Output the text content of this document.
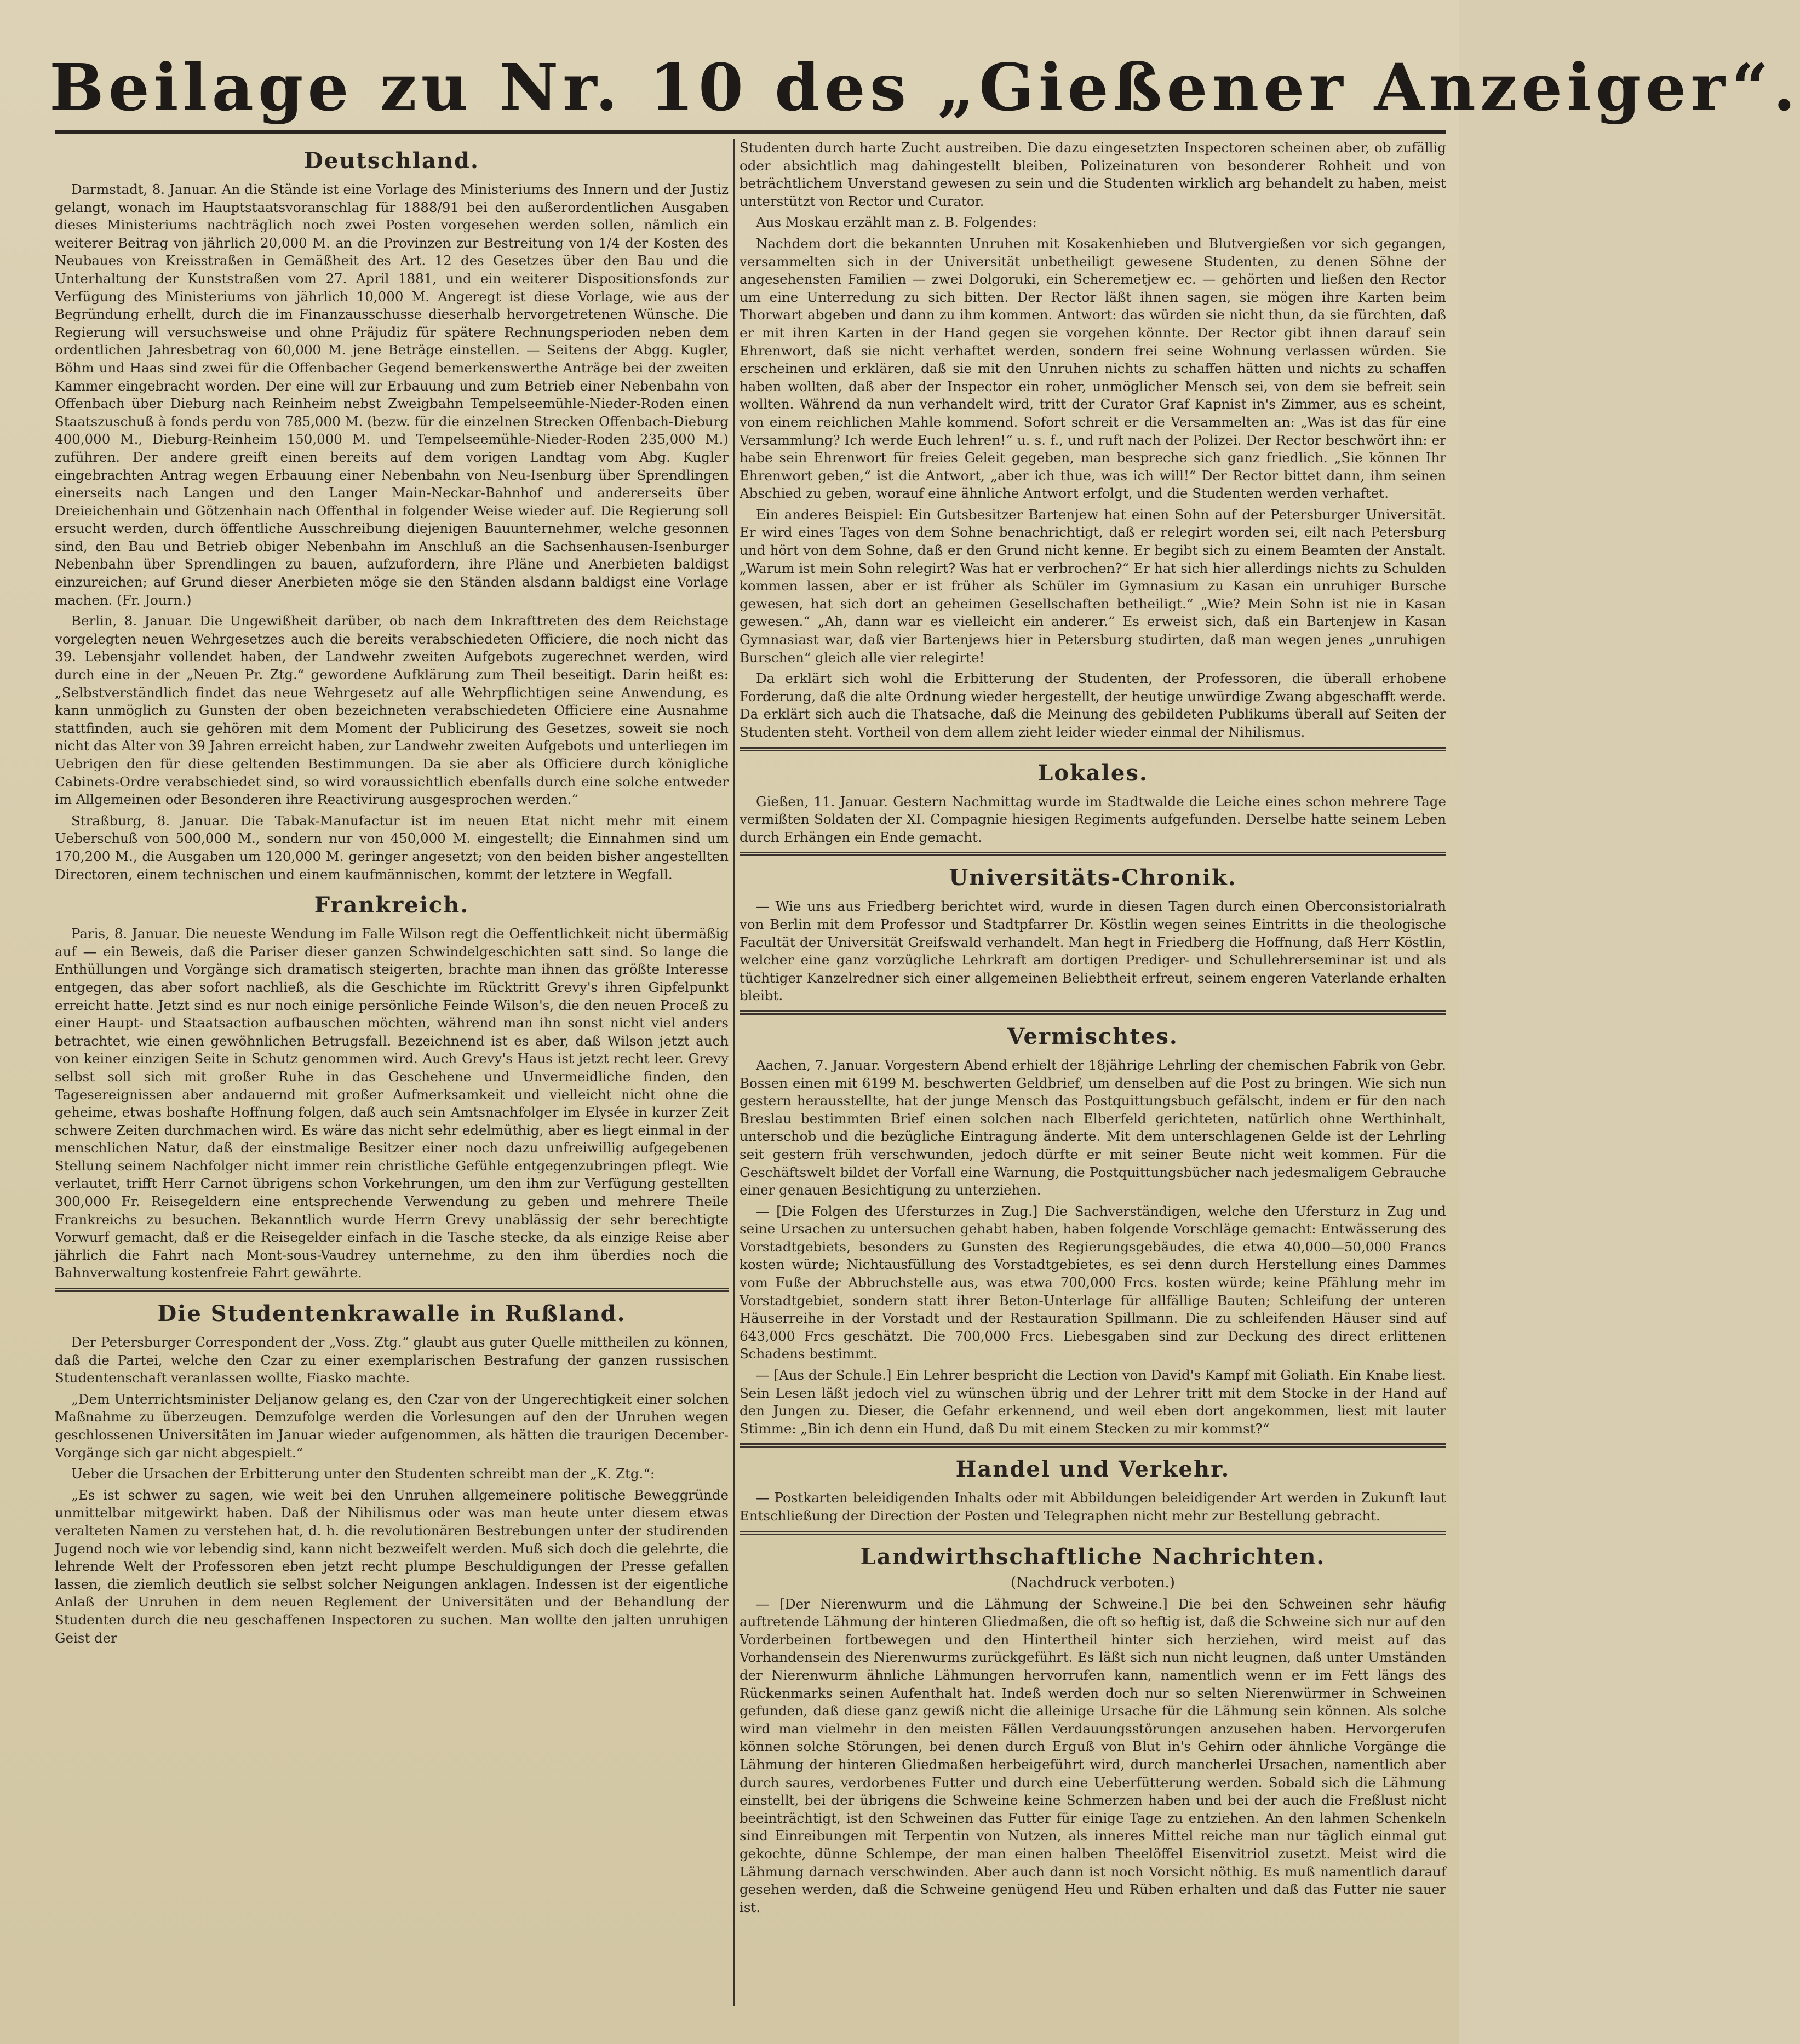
Beilage zu Nr. 10 des „Gießener Anzeiger“.
Deutschland.

Darmstadt, 8. Januar. An die Stände ist eine Vorlage des Ministeriums des Innern und der Justiz gelangt, wonach im Hauptstaatsvoranschlag für 1888/91 bei den außerordentlichen Ausgaben dieses Ministeriums nachträglich noch zwei Posten vorgesehen werden sollen, nämlich ein weiterer Beitrag von jährlich 20,000 M. an die Provinzen zur Bestreitung von 1/4 der Kosten des Neubaues von Kreisstraßen in Gemäßheit des Art. 12 des Gesetzes über den Bau und die Unterhaltung der Kunststraßen vom 27. April 1881, und ein weiterer Dispositionsfonds zur Verfügung des Ministeriums von jährlich 10,000 M. Angeregt ist diese Vorlage, wie aus der Begründung erhellt, durch die im Finanzausschusse dieserhalb hervorgetretenen Wünsche. Die Regierung will versuchsweise und ohne Präjudiz für spätere Rechnungsperioden neben dem ordentlichen Jahresbetrag von 60,000 M. jene Beträge einstellen. — Seitens der Abgg. Kugler, Böhm und Haas sind zwei für die Offenbacher Gegend bemerkenswerthe Anträge bei der zweiten Kammer eingebracht worden. Der eine will zur Erbauung und zum Betrieb einer Nebenbahn von Offenbach über Dieburg nach Reinheim nebst Zweigbahn Tempelseemühle-Nieder-Roden einen Staatszuschuß à fonds perdu von 785,000 M. (bezw. für die einzelnen Strecken Offenbach-Dieburg 400,000 M., Dieburg-Reinheim 150,000 M. und Tempelseemühle-Nieder-Roden 235,000 M.) zuführen. Der andere greift einen bereits auf dem vorigen Landtag vom Abg. Kugler eingebrachten Antrag wegen Erbauung einer Nebenbahn von Neu-Isenburg über Sprendlingen einerseits nach Langen und den Langer Main-Neckar-Bahnhof und andererseits über Dreieichenhain und Götzenhain nach Offenthal in folgender Weise wieder auf. Die Regierung soll ersucht werden, durch öffentliche Ausschreibung diejenigen Bauunternehmer, welche gesonnen sind, den Bau und Betrieb obiger Nebenbahn im Anschluß an die Sachsenhausen-Isenburger Nebenbahn über Sprendlingen zu bauen, aufzufordern, ihre Pläne und Anerbieten baldigst einzureichen; auf Grund dieser Anerbieten möge sie den Ständen alsdann baldigst eine Vorlage machen. (Fr. Journ.)

Berlin, 8. Januar. Die Ungewißheit darüber, ob nach dem Inkrafttreten des dem Reichstage vorgelegten neuen Wehrgesetzes auch die bereits verabschiedeten Officiere, die noch nicht das 39. Lebensjahr vollendet haben, der Landwehr zweiten Aufgebots zugerechnet werden, wird durch eine in der „Neuen Pr. Ztg.“ gewordene Aufklärung zum Theil beseitigt. Darin heißt es: „Selbstverständlich findet das neue Wehrgesetz auf alle Wehrpflichtigen seine Anwendung, es kann unmöglich zu Gunsten der oben bezeichneten verabschiedeten Officiere eine Ausnahme stattfinden, auch sie gehören mit dem Moment der Publicirung des Gesetzes, soweit sie noch nicht das Alter von 39 Jahren erreicht haben, zur Landwehr zweiten Aufgebots und unterliegen im Uebrigen den für diese geltenden Bestimmungen. Da sie aber als Officiere durch königliche Cabinets-Ordre verabschiedet sind, so wird voraussichtlich ebenfalls durch eine solche entweder im Allgemeinen oder Besonderen ihre Reactivirung ausgesprochen werden.“

Straßburg, 8. Januar. Die Tabak-Manufactur ist im neuen Etat nicht mehr mit einem Ueberschuß von 500,000 M., sondern nur von 450,000 M. eingestellt; die Einnahmen sind um 170,200 M., die Ausgaben um 120,000 M. geringer angesetzt; von den beiden bisher angestellten Directoren, einem technischen und einem kaufmännischen, kommt der letztere in Wegfall.

Frankreich.

Paris, 8. Januar. Die neueste Wendung im Falle Wilson regt die Oeffentlichkeit nicht übermäßig auf — ein Beweis, daß die Pariser dieser ganzen Schwindelgeschichten satt sind. So lange die Enthüllungen und Vorgänge sich dramatisch steigerten, brachte man ihnen das größte Interesse entgegen, das aber sofort nachließ, als die Geschichte im Rücktritt Grevy's ihren Gipfelpunkt erreicht hatte. Jetzt sind es nur noch einige persönliche Feinde Wilson's, die den neuen Proceß zu einer Haupt- und Staatsaction aufbauschen möchten, während man ihn sonst nicht viel anders betrachtet, wie einen gewöhnlichen Betrugsfall. Bezeichnend ist es aber, daß Wilson jetzt auch von keiner einzigen Seite in Schutz genommen wird. Auch Grevy's Haus ist jetzt recht leer. Grevy selbst soll sich mit großer Ruhe in das Geschehene und Unvermeidliche finden, den Tagesereignissen aber andauernd mit großer Aufmerksamkeit und vielleicht nicht ohne die geheime, etwas boshafte Hoffnung folgen, daß auch sein Amtsnachfolger im Elysée in kurzer Zeit schwere Zeiten durchmachen wird. Es wäre das nicht sehr edelmüthig, aber es liegt einmal in der menschlichen Natur, daß der einstmalige Besitzer einer noch dazu unfreiwillig aufgegebenen Stellung seinem Nachfolger nicht immer rein christliche Gefühle entgegenzubringen pflegt. Wie verlautet, trifft Herr Carnot übrigens schon Vorkehrungen, um den ihm zur Verfügung gestellten 300,000 Fr. Reisegeldern eine entsprechende Verwendung zu geben und mehrere Theile Frankreichs zu besuchen. Bekanntlich wurde Herrn Grevy unablässig der sehr berechtigte Vorwurf gemacht, daß er die Reisegelder einfach in die Tasche stecke, da als einzige Reise aber jährlich die Fahrt nach Mont-sous-Vaudrey unternehme, zu den ihm überdies noch die Bahnverwaltung kostenfreie Fahrt gewährte.

Die Studentenkrawalle in Rußland.

Der Petersburger Correspondent der „Voss. Ztg.“ glaubt aus guter Quelle mittheilen zu können, daß die Partei, welche den Czar zu einer exemplarischen Bestrafung der ganzen russischen Studentenschaft veranlassen wollte, Fiasko machte.

„Dem Unterrichtsminister Deljanow gelang es, den Czar von der Ungerechtigkeit einer solchen Maßnahme zu überzeugen. Demzufolge werden die Vorlesungen auf den der Unruhen wegen geschlossenen Universitäten im Januar wieder aufgenommen, als hätten die traurigen December-Vorgänge sich gar nicht abgespielt.“

Ueber die Ursachen der Erbitterung unter den Studenten schreibt man der „K. Ztg.“:

„Es ist schwer zu sagen, wie weit bei den Unruhen allgemeinere politische Beweggründe unmittelbar mitgewirkt haben. Daß der Nihilismus oder was man heute unter diesem etwas veralteten Namen zu verstehen hat, d. h. die revolutionären Bestrebungen unter der studirenden Jugend noch wie vor lebendig sind, kann nicht bezweifelt werden. Muß sich doch die gelehrte, die lehrende Welt der Professoren eben jetzt recht plumpe Beschuldigungen der Presse gefallen lassen, die ziemlich deutlich sie selbst solcher Neigungen anklagen. Indessen ist der eigentliche Anlaß der Unruhen in dem neuen Reglement der Universitäten und der Behandlung der Studenten durch die neu geschaffenen Inspectoren zu suchen. Man wollte den jalten unruhigen Geist der

Studenten durch harte Zucht austreiben. Die dazu eingesetzten Inspectoren scheinen aber, ob zufällig oder absichtlich mag dahingestellt bleiben, Polizeinaturen von besonderer Rohheit und von beträchtlichem Unverstand gewesen zu sein und die Studenten wirklich arg behandelt zu haben, meist unterstützt von Rector und Curator.

Aus Moskau erzählt man z. B. Folgendes:

Nachdem dort die bekannten Unruhen mit Kosakenhieben und Blutvergießen vor sich gegangen, versammelten sich in der Universität unbetheiligt gewesene Studenten, zu denen Söhne der angesehensten Familien — zwei Dolgoruki, ein Scheremetjew ec. — gehörten und ließen den Rector um eine Unterredung zu sich bitten. Der Rector läßt ihnen sagen, sie mögen ihre Karten beim Thorwart abgeben und dann zu ihm kommen. Antwort: das würden sie nicht thun, da sie fürchten, daß er mit ihren Karten in der Hand gegen sie vorgehen könnte. Der Rector gibt ihnen darauf sein Ehrenwort, daß sie nicht verhaftet werden, sondern frei seine Wohnung verlassen würden. Sie erscheinen und erklären, daß sie mit den Unruhen nichts zu schaffen hätten und nichts zu schaffen haben wollten, daß aber der Inspector ein roher, unmöglicher Mensch sei, von dem sie befreit sein wollten. Während da nun verhandelt wird, tritt der Curator Graf Kapnist in's Zimmer, aus es scheint, von einem reichlichen Mahle kommend. Sofort schreit er die Versammelten an: „Was ist das für eine Versammlung? Ich werde Euch lehren!“ u. s. f., und ruft nach der Polizei. Der Rector beschwört ihn: er habe sein Ehrenwort für freies Geleit gegeben, man bespreche sich ganz friedlich. „Sie können Ihr Ehrenwort geben,“ ist die Antwort, „aber ich thue, was ich will!“ Der Rector bittet dann, ihm seinen Abschied zu geben, worauf eine ähnliche Antwort erfolgt, und die Studenten werden verhaftet.

Ein anderes Beispiel: Ein Gutsbesitzer Bartenjew hat einen Sohn auf der Petersburger Universität. Er wird eines Tages von dem Sohne benachrichtigt, daß er relegirt worden sei, eilt nach Petersburg und hört von dem Sohne, daß er den Grund nicht kenne. Er begibt sich zu einem Beamten der Anstalt. „Warum ist mein Sohn relegirt? Was hat er verbrochen?“ Er hat sich hier allerdings nichts zu Schulden kommen lassen, aber er ist früher als Schüler im Gymnasium zu Kasan ein unruhiger Bursche gewesen, hat sich dort an geheimen Gesellschaften betheiligt.“ „Wie? Mein Sohn ist nie in Kasan gewesen.“ „Ah, dann war es vielleicht ein anderer.“ Es erweist sich, daß ein Bartenjew in Kasan Gymnasiast war, daß vier Bartenjews hier in Petersburg studirten, daß man wegen jenes „unruhigen Burschen“ gleich alle vier relegirte!

Da erklärt sich wohl die Erbitterung der Studenten, der Professoren, die überall erhobene Forderung, daß die alte Ordnung wieder hergestellt, der heutige unwürdige Zwang abgeschafft werde. Da erklärt sich auch die Thatsache, daß die Meinung des gebildeten Publikums überall auf Seiten der Studenten steht. Vortheil von dem allem zieht leider wieder einmal der Nihilismus.

Lokales.

Gießen, 11. Januar. Gestern Nachmittag wurde im Stadtwalde die Leiche eines schon mehrere Tage vermißten Soldaten der XI. Compagnie hiesigen Regiments aufgefunden. Derselbe hatte seinem Leben durch Erhängen ein Ende gemacht.

Universitäts-Chronik.

— Wie uns aus Friedberg berichtet wird, wurde in diesen Tagen durch einen Oberconsistorialrath von Berlin mit dem Professor und Stadtpfarrer Dr. Köstlin wegen seines Eintritts in die theologische Facultät der Universität Greifswald verhandelt. Man hegt in Friedberg die Hoffnung, daß Herr Köstlin, welcher eine ganz vorzügliche Lehrkraft am dortigen Prediger- und Schullehrerseminar ist und als tüchtiger Kanzelredner sich einer allgemeinen Beliebtheit erfreut, seinem engeren Vaterlande erhalten bleibt.

Vermischtes.

Aachen, 7. Januar. Vorgestern Abend erhielt der 18jährige Lehrling der chemischen Fabrik von Gebr. Bossen einen mit 6199 M. beschwerten Geldbrief, um denselben auf die Post zu bringen. Wie sich nun gestern herausstellte, hat der junge Mensch das Postquittungsbuch gefälscht, indem er für den nach Breslau bestimmten Brief einen solchen nach Elberfeld gerichteten, natürlich ohne Werthinhalt, unterschob und die bezügliche Eintragung änderte. Mit dem unterschlagenen Gelde ist der Lehrling seit gestern früh verschwunden, jedoch dürfte er mit seiner Beute nicht weit kommen. Für die Geschäftswelt bildet der Vorfall eine Warnung, die Postquittungsbücher nach jedesmaligem Gebrauche einer genauen Besichtigung zu unterziehen.

— [Die Folgen des Ufersturzes in Zug.] Die Sachverständigen, welche den Ufersturz in Zug und seine Ursachen zu untersuchen gehabt haben, haben folgende Vorschläge gemacht: Entwässerung des Vorstadtgebiets, besonders zu Gunsten des Regierungsgebäudes, die etwa 40,000—50,000 Francs kosten würde; Nichtausfüllung des Vorstadtgebietes, es sei denn durch Herstellung eines Dammes vom Fuße der Abbruchstelle aus, was etwa 700,000 Frcs. kosten würde; keine Pfählung mehr im Vorstadtgebiet, sondern statt ihrer Beton-Unterlage für allfällige Bauten; Schleifung der unteren Häuserreihe in der Vorstadt und der Restauration Spillmann. Die zu schleifenden Häuser sind auf 643,000 Frcs geschätzt. Die 700,000 Frcs. Liebesgaben sind zur Deckung des direct erlittenen Schadens bestimmt.

— [Aus der Schule.] Ein Lehrer bespricht die Lection von David's Kampf mit Goliath. Ein Knabe liest. Sein Lesen läßt jedoch viel zu wünschen übrig und der Lehrer tritt mit dem Stocke in der Hand auf den Jungen zu. Dieser, die Gefahr erkennend, und weil eben dort angekommen, liest mit lauter Stimme: „Bin ich denn ein Hund, daß Du mit einem Stecken zu mir kommst?“

Handel und Verkehr.

— Postkarten beleidigenden Inhalts oder mit Abbildungen beleidigender Art werden in Zukunft laut Entschließung der Direction der Posten und Telegraphen nicht mehr zur Bestellung gebracht.

Landwirthschaftliche Nachrichten.
(Nachdruck verboten.)

— [Der Nierenwurm und die Lähmung der Schweine.] Die bei den Schweinen sehr häufig auftretende Lähmung der hinteren Gliedmaßen, die oft so heftig ist, daß die Schweine sich nur auf den Vorderbeinen fortbewegen und den Hintertheil hinter sich herziehen, wird meist auf das Vorhandensein des Nierenwurms zurückgeführt. Es läßt sich nun nicht leugnen, daß unter Umständen der Nierenwurm ähnliche Lähmungen hervorrufen kann, namentlich wenn er im Fett längs des Rückenmarks seinen Aufenthalt hat. Indeß werden doch nur so selten Nierenwürmer in Schweinen gefunden, daß diese ganz gewiß nicht die alleinige Ursache für die Lähmung sein können. Als solche wird man vielmehr in den meisten Fällen Verdauungsstörungen anzusehen haben. Hervorgerufen können solche Störungen, bei denen durch Erguß von Blut in's Gehirn oder ähnliche Vorgänge die Lähmung der hinteren Gliedmaßen herbeigeführt wird, durch mancherlei Ursachen, namentlich aber durch saures, verdorbenes Futter und durch eine Ueberfütterung werden. Sobald sich die Lähmung einstellt, bei der übrigens die Schweine keine Schmerzen haben und bei der auch die Freßlust nicht beeinträchtigt, ist den Schweinen das Futter für einige Tage zu entziehen. An den lahmen Schenkeln sind Einreibungen mit Terpentin von Nutzen, als inneres Mittel reiche man nur täglich einmal gut gekochte, dünne Schlempe, der man einen halben Theelöffel Eisenvitriol zusetzt. Meist wird die Lähmung darnach verschwinden. Aber auch dann ist noch Vorsicht nöthig. Es muß namentlich darauf gesehen werden, daß die Schweine genügend Heu und Rüben erhalten und daß das Futter nie sauer ist.
